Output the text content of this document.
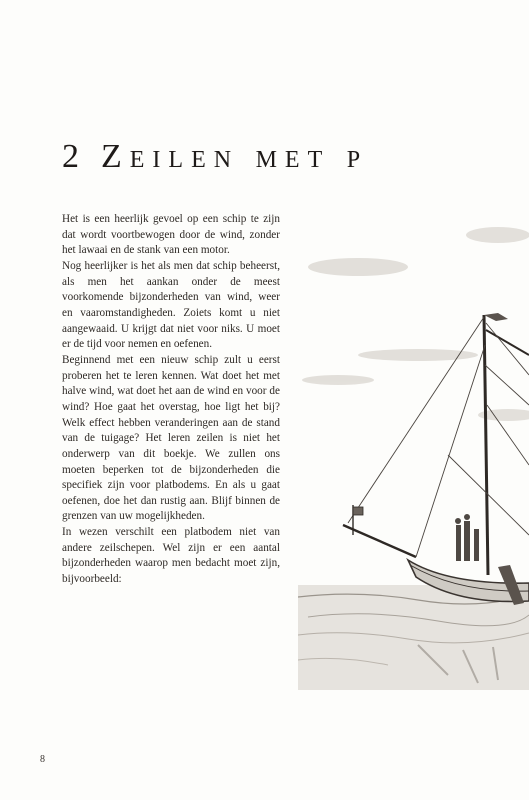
2 Zeilen met p

Het is een heerlijk gevoel op een schip te zijn dat wordt voortbewogen door de wind, zonder het lawaai en de stank van een motor.

Nog heerlijker is het als men dat schip beheerst, als men het aankan onder de meest voorkomende bijzonderheden van wind, weer en vaaromstandigheden. Zoiets komt u niet aangewaaid. U krijgt dat niet voor niks. U moet er de tijd voor nemen en oefenen.

Beginnend met een nieuw schip zult u eerst proberen het te leren kennen. Wat doet het met halve wind, wat doet het aan de wind en voor de wind? Hoe gaat het overstag, hoe ligt het bij? Welk effect hebben veranderingen aan de stand van de tuigage? Het leren zeilen is niet het onderwerp van dit boekje. We zullen ons moeten beperken tot de bijzonderheden die specifiek zijn voor platbodems. En als u gaat oefenen, doe het dan rustig aan. Blijf binnen de grenzen van uw mogelijkheden.

In wezen verschilt een platbodem niet van andere zeilschepen. Wel zijn er een aantal bijzonderheden waarop men bedacht moet zijn, bijvoorbeeld:

8
